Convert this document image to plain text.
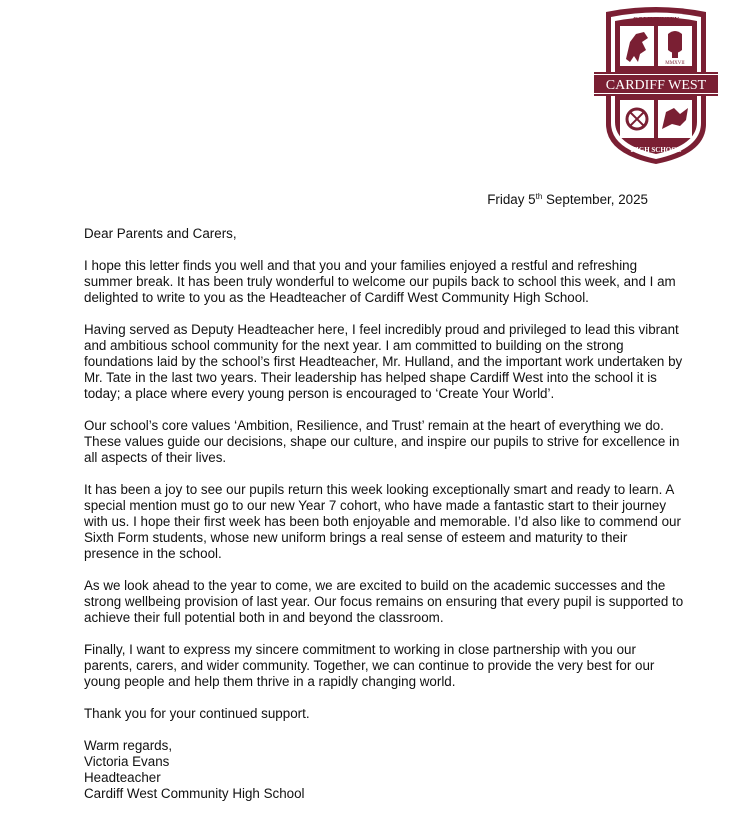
CARDIFF WEST
COMMUNITY
MMXVII
HIGH SCHOOL
Friday 5th September, 2025

Dear Parents and Carers,

I hope this letter finds you well and that you and your families enjoyed a restful and refreshing summer break. It has been truly wonderful to welcome our pupils back to school this week, and I am delighted to write to you as the Headteacher of Cardiff West Community High School.

Having served as Deputy Headteacher here, I feel incredibly proud and privileged to lead this vibrant and ambitious school community for the next year. I am committed to building on the strong foundations laid by the school’s first Headteacher, Mr. Hulland, and the important work undertaken by Mr. Tate in the last two years. Their leadership has helped shape Cardiff West into the school it is today; a place where every young person is encouraged to ‘Create Your World’.

Our school’s core values ‘Ambition, Resilience, and Trust’ remain at the heart of everything we do. These values guide our decisions, shape our culture, and inspire our pupils to strive for excellence in all aspects of their lives.

It has been a joy to see our pupils return this week looking exceptionally smart and ready to learn. A special mention must go to our new Year 7 cohort, who have made a fantastic start to their journey with us. I hope their first week has been both enjoyable and memorable. I’d also like to commend our Sixth Form students, whose new uniform brings a real sense of esteem and maturity to their presence in the school.

As we look ahead to the year to come, we are excited to build on the academic successes and the strong wellbeing provision of last year. Our focus remains on ensuring that every pupil is supported to achieve their full potential both in and beyond the classroom.

Finally, I want to express my sincere commitment to working in close partnership with you our parents, carers, and wider community. Together, we can continue to provide the very best for our young people and help them thrive in a rapidly changing world.

Thank you for your continued support.

Warm regards,
Victoria Evans
Headteacher
Cardiff West Community High School
